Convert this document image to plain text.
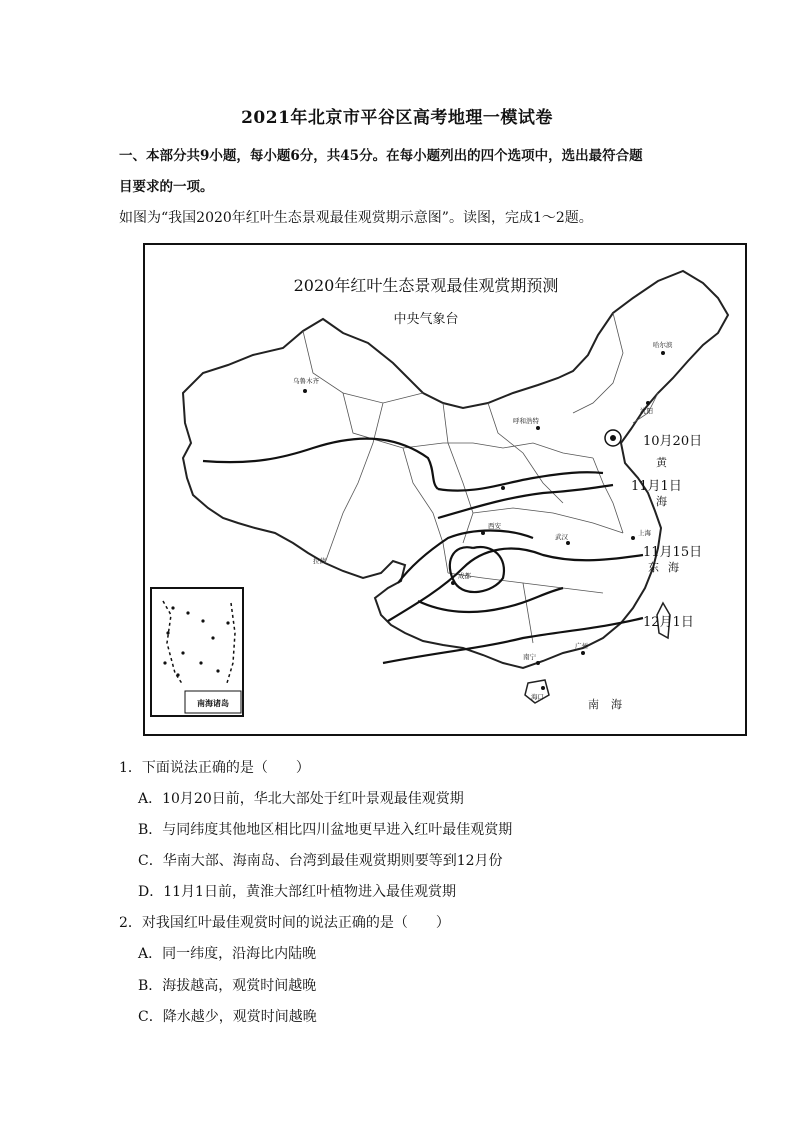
2021年北京市平谷区高考地理一模试卷
一、本部分共9小题，每小题6分，共45分。在每小题列出的四个选项中，选出最符合题
目要求的一项。
如图为“我国2020年红叶生态景观最佳观赏期示意图”。读图，完成1～2题。
2020年红叶生态景观最佳观赏期预测
中央气象台
10月20日
11月1日
11月15日
12月1日
黄
海
东 海
南 海
乌鲁木齐
拉萨
成都
西安
武汉	上海
广州
南宁
海口
沈阳
哈尔滨
呼和浩特
南海诸岛
1．下面说法正确的是（　　）
A．10月20日前，华北大部处于红叶景观最佳观赏期
B．与同纬度其他地区相比四川盆地更早进入红叶最佳观赏期
C．华南大部、海南岛、台湾到最佳观赏期则要等到12月份
D．11月1日前，黄淮大部红叶植物进入最佳观赏期
2．对我国红叶最佳观赏时间的说法正确的是（　　）
A．同一纬度，沿海比内陆晚
B．海拔越高，观赏时间越晚
C．降水越少，观赏时间越晚
